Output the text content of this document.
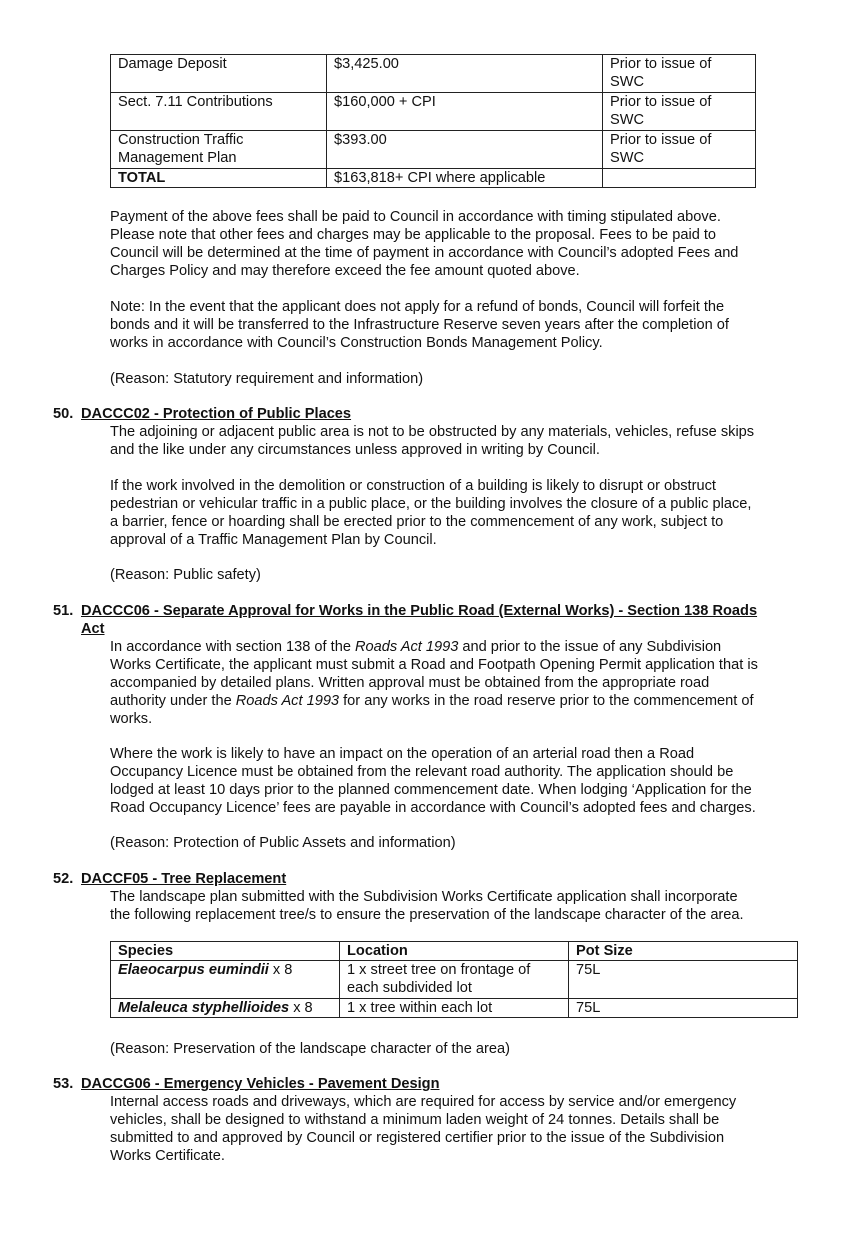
Damage Deposit	$3,425.00	Prior to issue of
SWC
Sect. 7.11 Contributions	$160,000 + CPI	Prior to issue of
SWC
Construction Traffic
Management Plan	$393.00	Prior to issue of
SWC
TOTAL	$163,818+ CPI where applicable	

Payment of the above fees shall be paid to Council in accordance with timing stipulated above.
Please note that other fees and charges may be applicable to the proposal. Fees to be paid to
Council will be determined at the time of payment in accordance with Council’s adopted Fees and
Charges Policy and may therefore exceed the fee amount quoted above.

Note: In the event that the applicant does not apply for a refund of bonds, Council will forfeit the
bonds and it will be transferred to the Infrastructure Reserve seven years after the completion of
works in accordance with Council’s Construction Bonds Management Policy.

(Reason: Statutory requirement and information)

50. DACCC02 - Protection of Public Places

The adjoining or adjacent public area is not to be obstructed by any materials, vehicles, refuse skips
and the like under any circumstances unless approved in writing by Council.

If the work involved in the demolition or construction of a building is likely to disrupt or obstruct
pedestrian or vehicular traffic in a public place, or the building involves the closure of a public place,
a barrier, fence or hoarding shall be erected prior to the commencement of any work, subject to
approval of a Traffic Management Plan by Council.

(Reason: Public safety)

51. DACCC06 - Separate Approval for Works in the Public Road (External Works) - Section 138 Roads
Act

In accordance with section 138 of the Roads Act 1993 and prior to the issue of any Subdivision
Works Certificate, the applicant must submit a Road and Footpath Opening Permit application that is
accompanied by detailed plans. Written approval must be obtained from the appropriate road
authority under the Roads Act 1993 for any works in the road reserve prior to the commencement of
works.

Where the work is likely to have an impact on the operation of an arterial road then a Road
Occupancy Licence must be obtained from the relevant road authority. The application should be
lodged at least 10 days prior to the planned commencement date. When lodging ‘Application for the
Road Occupancy Licence’ fees are payable in accordance with Council’s adopted fees and charges.

(Reason: Protection of Public Assets and information)

52. DACCF05 - Tree Replacement

The landscape plan submitted with the Subdivision Works Certificate application shall incorporate
the following replacement tree/s to ensure the preservation of the landscape character of the area.

Species	Location	Pot Size
Elaeocarpus eumindii x 8	1 x street tree on frontage of
each subdivided lot	75L
Melaleuca styphellioides x 8	1 x tree within each lot	75L

(Reason: Preservation of the landscape character of the area)

53. DACCG06 - Emergency Vehicles - Pavement Design

Internal access roads and driveways, which are required for access by service and/or emergency
vehicles, shall be designed to withstand a minimum laden weight of 24 tonnes. Details shall be
submitted to and approved by Council or registered certifier prior to the issue of the Subdivision
Works Certificate.
